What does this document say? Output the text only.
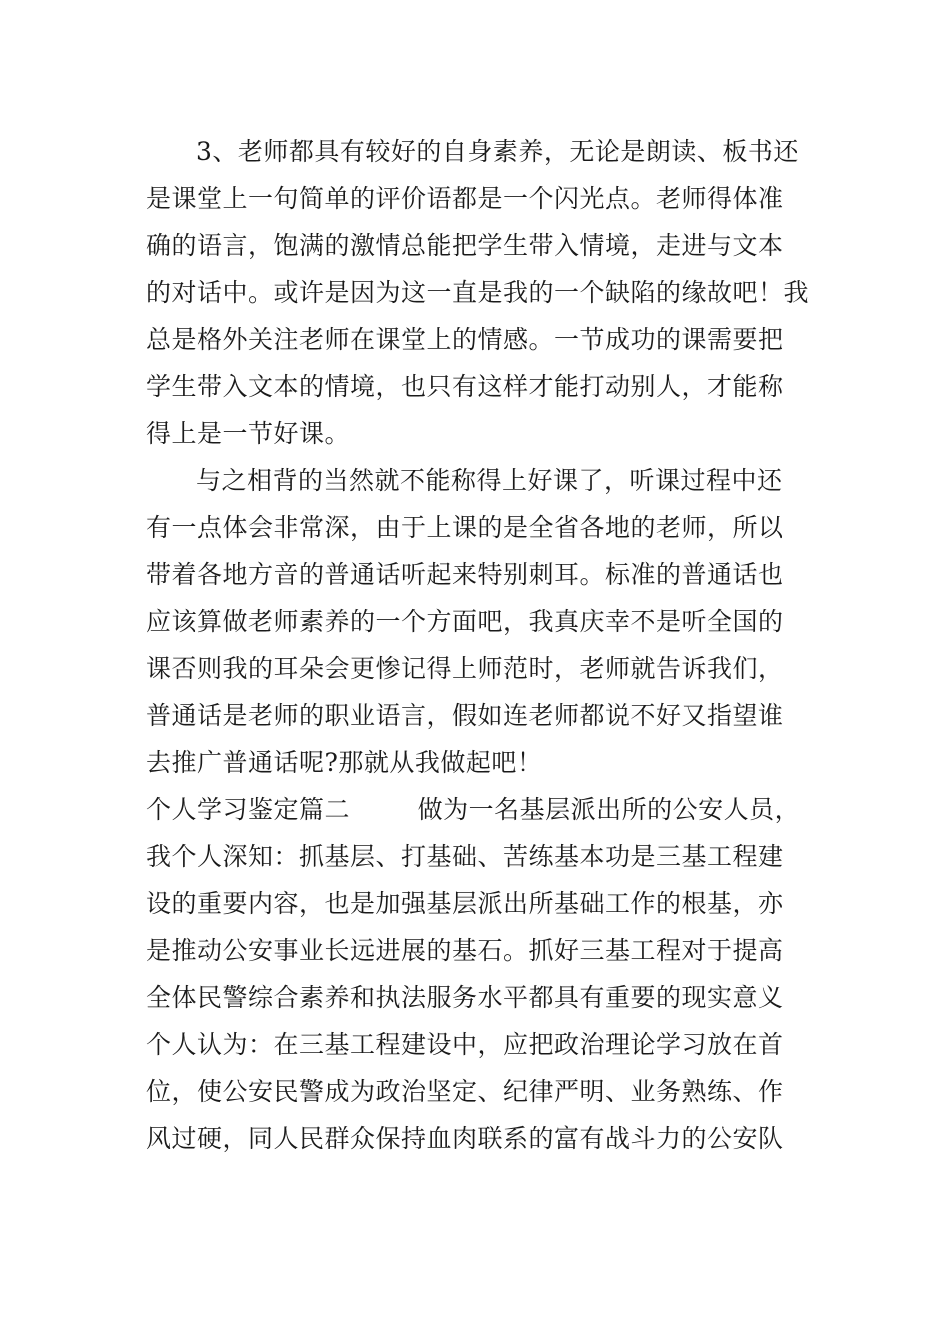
3、老师都具有较好的自身素养，无论是朗读、板书还
是课堂上一句简单的评价语都是一个闪光点。老师得体准
确的语言，饱满的激情总能把学生带入情境，走进与文本
的对话中。或许是因为这一直是我的一个缺陷的缘故吧！我
总是格外关注老师在课堂上的情感。一节成功的课需要把
学生带入文本的情境，也只有这样才能打动别人，才能称
得上是一节好课。
与之相背的当然就不能称得上好课了，听课过程中还
有一点体会非常深，由于上课的是全省各地的老师，所以
带着各地方音的普通话听起来特别刺耳。标准的普通话也
应该算做老师素养的一个方面吧，我真庆幸不是听全国的
课否则我的耳朵会更惨记得上师范时，老师就告诉我们，
普通话是老师的职业语言，假如连老师都说不好又指望谁
去推广普通话呢?那就从我做起吧！
个人学习鉴定篇二        做为一名基层派出所的公安人员，
我个人深知：抓基层、打基础、苦练基本功是三基工程建
设的重要内容，也是加强基层派出所基础工作的根基，亦
是推动公安事业长远进展的基石。抓好三基工程对于提高
全体民警综合素养和执法服务水平都具有重要的现实意义
个人认为：在三基工程建设中，应把政治理论学习放在首
位，使公安民警成为政治坚定、纪律严明、业务熟练、作
风过硬，同人民群众保持血肉联系的富有战斗力的公安队
